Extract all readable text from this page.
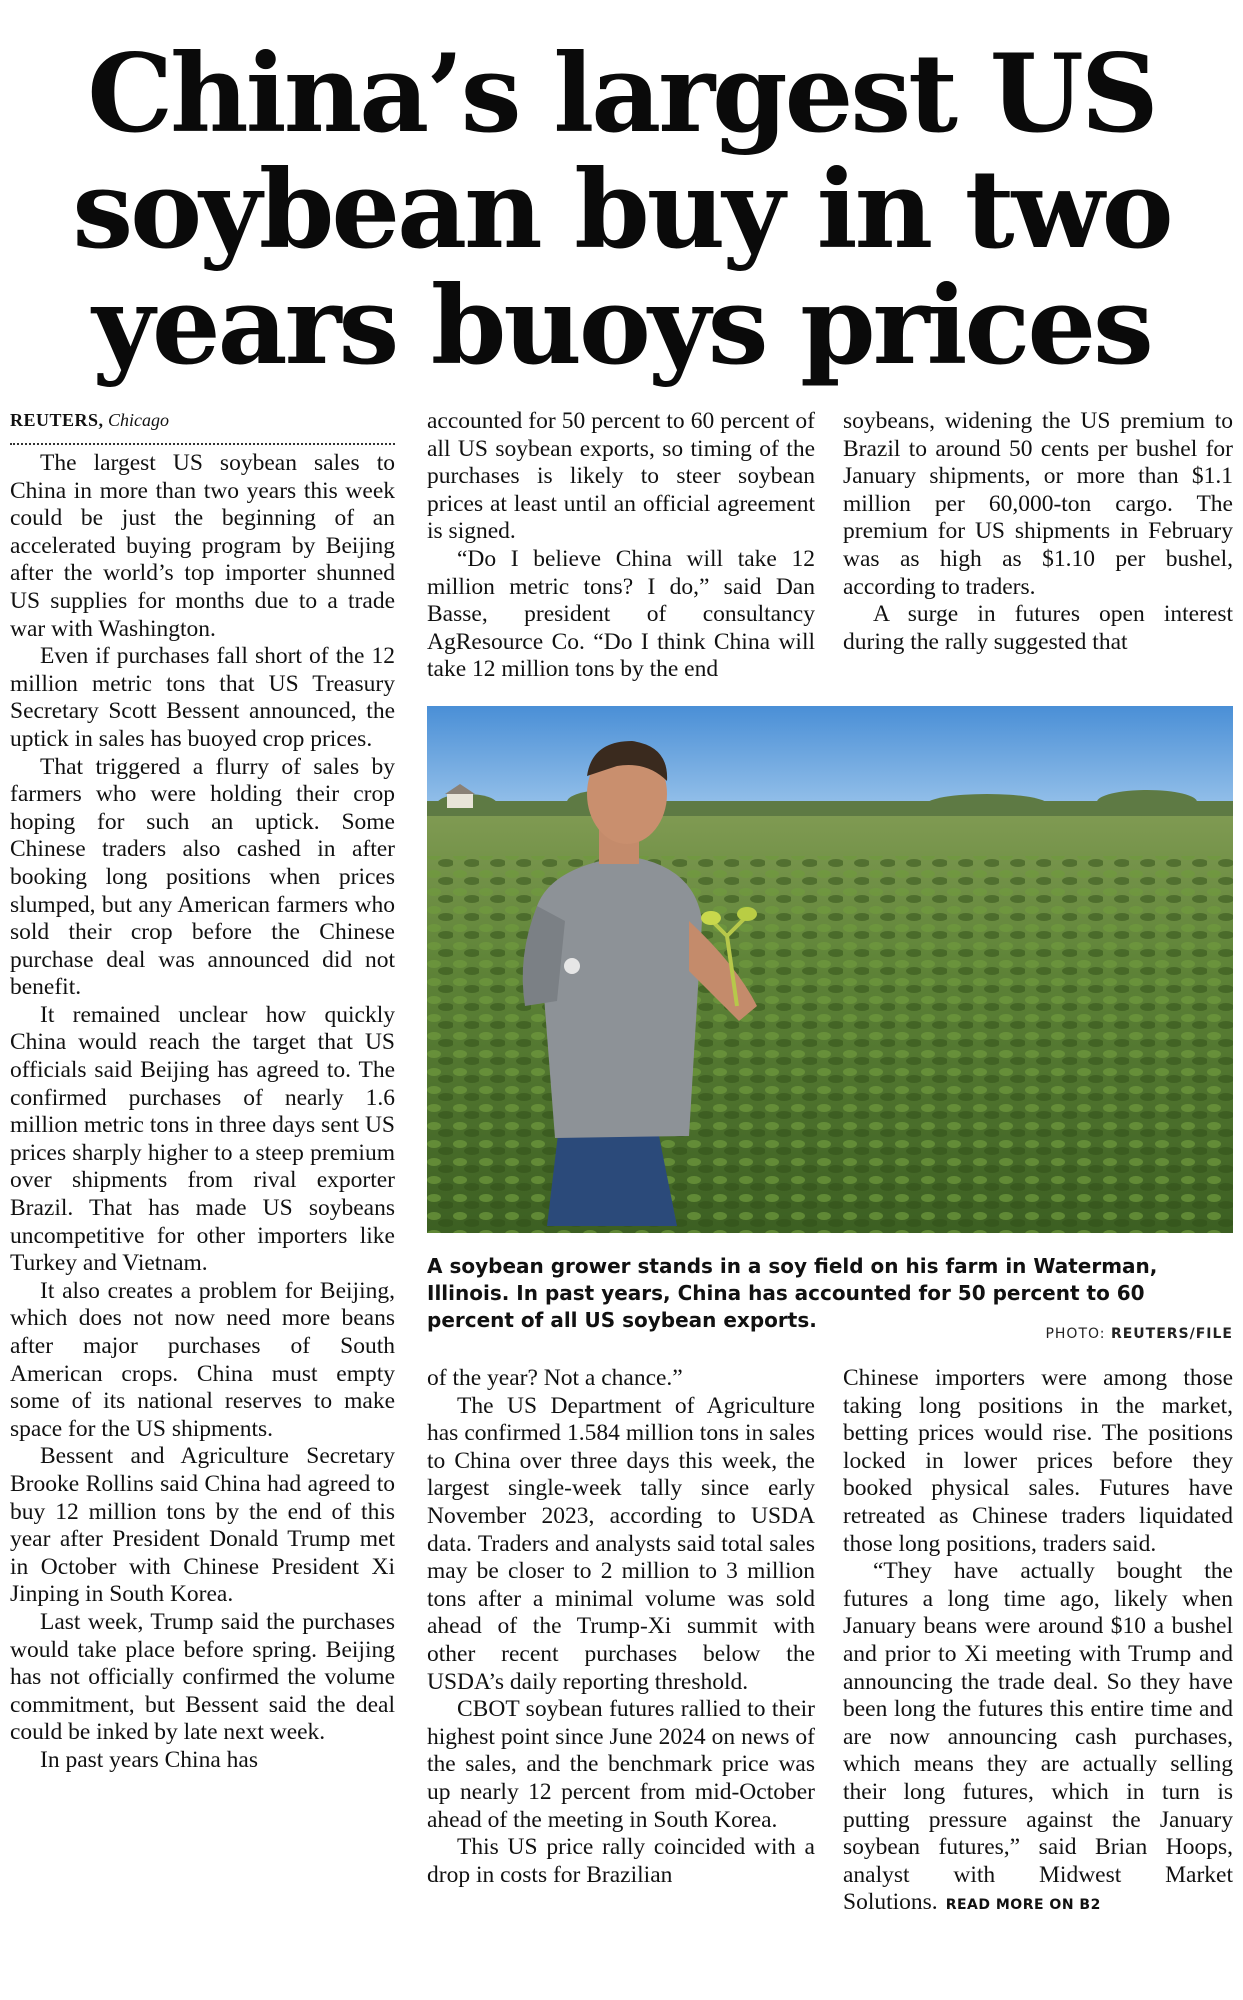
China’s largest US soybean buy in two years buoys prices
REUTERS, Chicago

The largest US soybean sales to China in more than two years this week could be just the beginning of an accelerated buying program by Beijing after the world’s top importer shunned US supplies for months due to a trade war with Washington.

Even if purchases fall short of the 12 million metric tons that US Treasury Secretary Scott Bessent announced, the uptick in sales has buoyed crop prices.

That triggered a flurry of sales by farmers who were holding their crop hoping for such an uptick. Some Chinese traders also cashed in after booking long positions when prices slumped, but any American farmers who sold their crop before the Chinese purchase deal was announced did not benefit.

It remained unclear how quickly China would reach the target that US officials said Beijing has agreed to. The confirmed purchases of nearly 1.6 million metric tons in three days sent US prices sharply higher to a steep premium over shipments from rival exporter Brazil. That has made US soybeans uncompetitive for other importers like Turkey and Vietnam.

It also creates a problem for Beijing, which does not now need more beans after major purchases of South American crops. China must empty some of its national reserves to make space for the US shipments.

Bessent and Agriculture Secretary Brooke Rollins said China had agreed to buy 12 million tons by the end of this year after President Donald Trump met in October with Chinese President Xi Jinping in South Korea.

Last week, Trump said the purchases would take place before spring. Beijing has not officially confirmed the volume commitment, but Bessent said the deal could be inked by late next week.

In past years China has

accounted for 50 percent to 60 percent of all US soybean exports, so timing of the purchases is likely to steer soybean prices at least until an official agreement is signed.

“Do I believe China will take 12 million metric tons? I do,” said Dan Basse, president of consultancy AgResource Co. “Do I think China will take 12 million tons by the end

soybeans, widening the US premium to Brazil to around 50 cents per bushel for January shipments, or more than $1.1 million per 60,000-ton cargo. The premium for US shipments in February was as high as $1.10 per bushel, according to traders.

A surge in futures open interest during the rally suggested that

A soybean grower stands in a soy field on his farm in Waterman, Illinois. In past years, China has accounted for 50 percent to 60 percent of all US soybean exports.
PHOTO: REUTERS/FILE

of the year? Not a chance.”

The US Department of Agriculture has confirmed 1.584 million tons in sales to China over three days this week, the largest single-week tally since early November 2023, according to USDA data. Traders and analysts said total sales may be closer to 2 million to 3 million tons after a minimal volume was sold ahead of the Trump-Xi summit with other recent purchases below the USDA’s daily reporting threshold.

CBOT soybean futures rallied to their highest point since June 2024 on news of the sales, and the benchmark price was up nearly 12 percent from mid-October ahead of the meeting in South Korea.

This US price rally coincided with a drop in costs for Brazilian

Chinese importers were among those taking long positions in the market, betting prices would rise. The positions locked in lower prices before they booked physical sales. Futures have retreated as Chinese traders liquidated those long positions, traders said.

“They have actually bought the futures a long time ago, likely when January beans were around $10 a bushel and prior to Xi meeting with Trump and announcing the trade deal. So they have been long the futures this entire time and are now announcing cash purchases, which means they are actually selling their long futures, which in turn is putting pressure against the January soybean futures,” said Brian Hoops, analyst with Midwest Market Solutions. READ MORE ON B2
